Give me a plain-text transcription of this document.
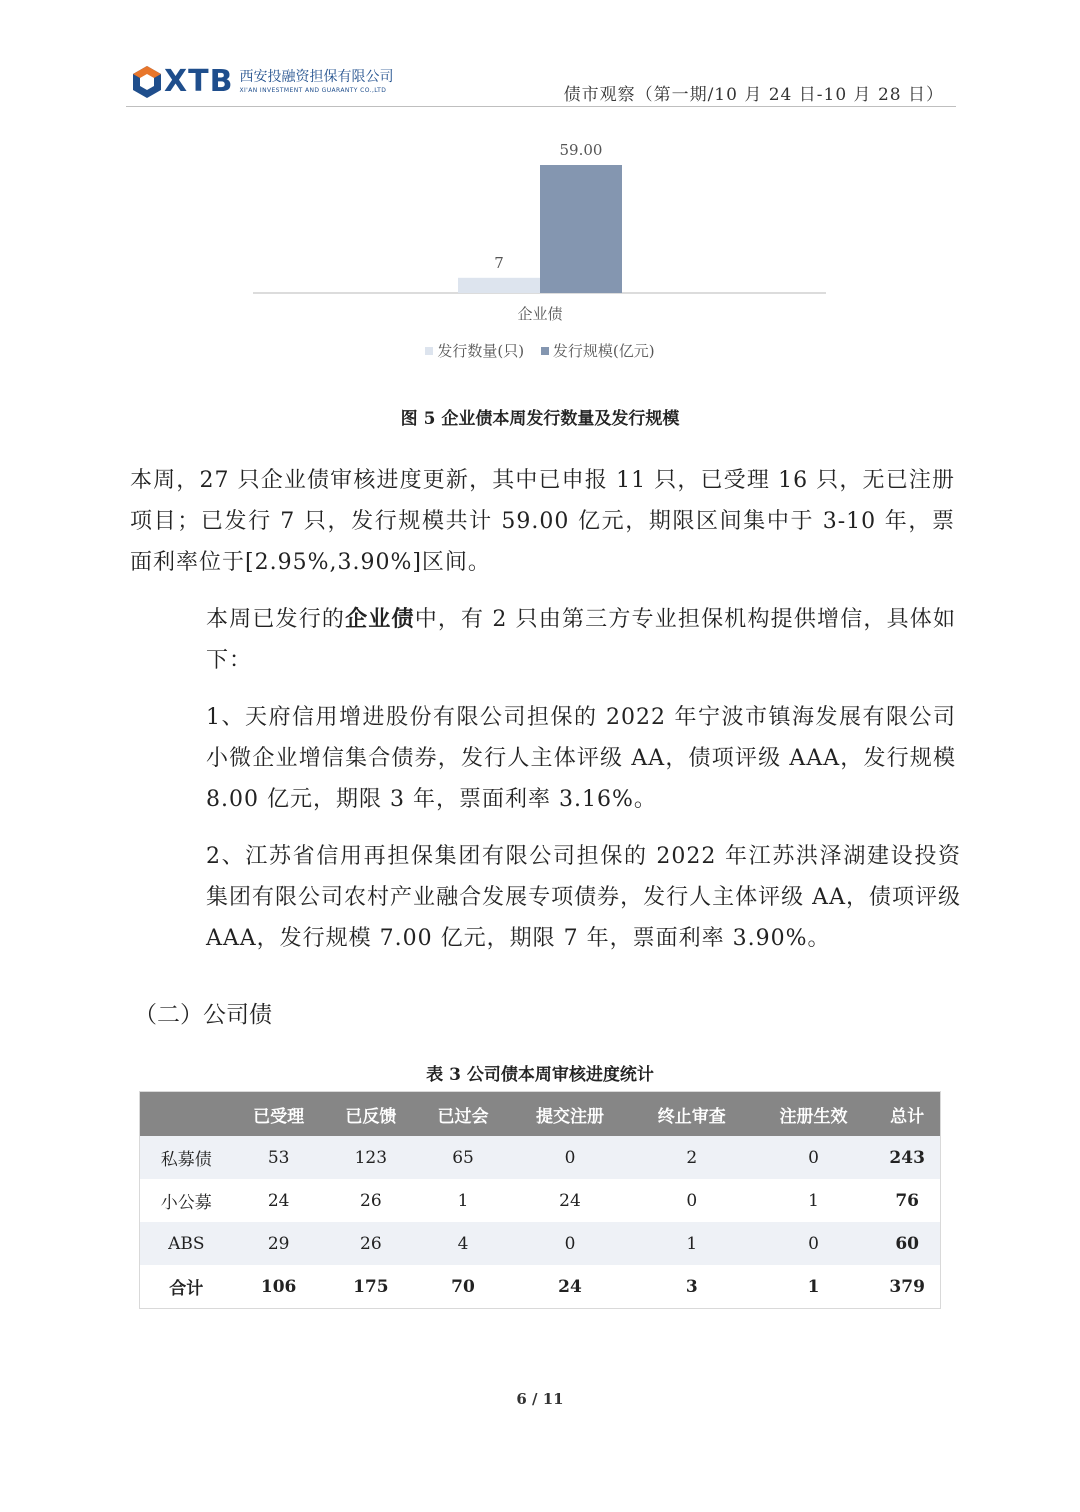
XTB 西安投融资担保有限公司
XI'AN INVESTMENT AND GUARANTY CO.,LTD	债市观察（第一期/10 月 24 日-10 月 28 日）
7
59.00
企业债
发行数量(只)
发行规模(亿元)
图 5 企业债本周发行数量及发行规模
本周，27 只企业债审核进度更新，其中已申报 11 只，已受理 16 只，无已注册项目；已发行 7 只，发行规模共计 59.00 亿元，期限区间集中于 3-10 年，票面利率位于[2.95%,3.90%]区间。
本周已发行的企业债中，有 2 只由第三方专业担保机构提供增信，具体如下：
1、天府信用增进股份有限公司担保的 2022 年宁波市镇海发展有限公司小微企业增信集合债券，发行人主体评级 AA，债项评级 AAA，发行规模 8.00 亿元，期限 3 年，票面利率 3.16%。
2、江苏省信用再担保集团有限公司担保的 2022 年江苏洪泽湖建设投资集团有限公司农村产业融合发展专项债券，发行人主体评级 AA，债项评级 AAA，发行规模 7.00 亿元，期限 7 年，票面利率 3.90%。
（二）公司债
表 3 公司债本周审核进度统计
	已受理	已反馈	已过会	提交注册	终止审查	注册生效	总计
私募债	53	123	65	0	2	0	243
小公募	24	26	1	24	0	1	76
ABS	29	26	4	0	1	0	60
合计	106	175	70	24	3	1	379
6 / 11
